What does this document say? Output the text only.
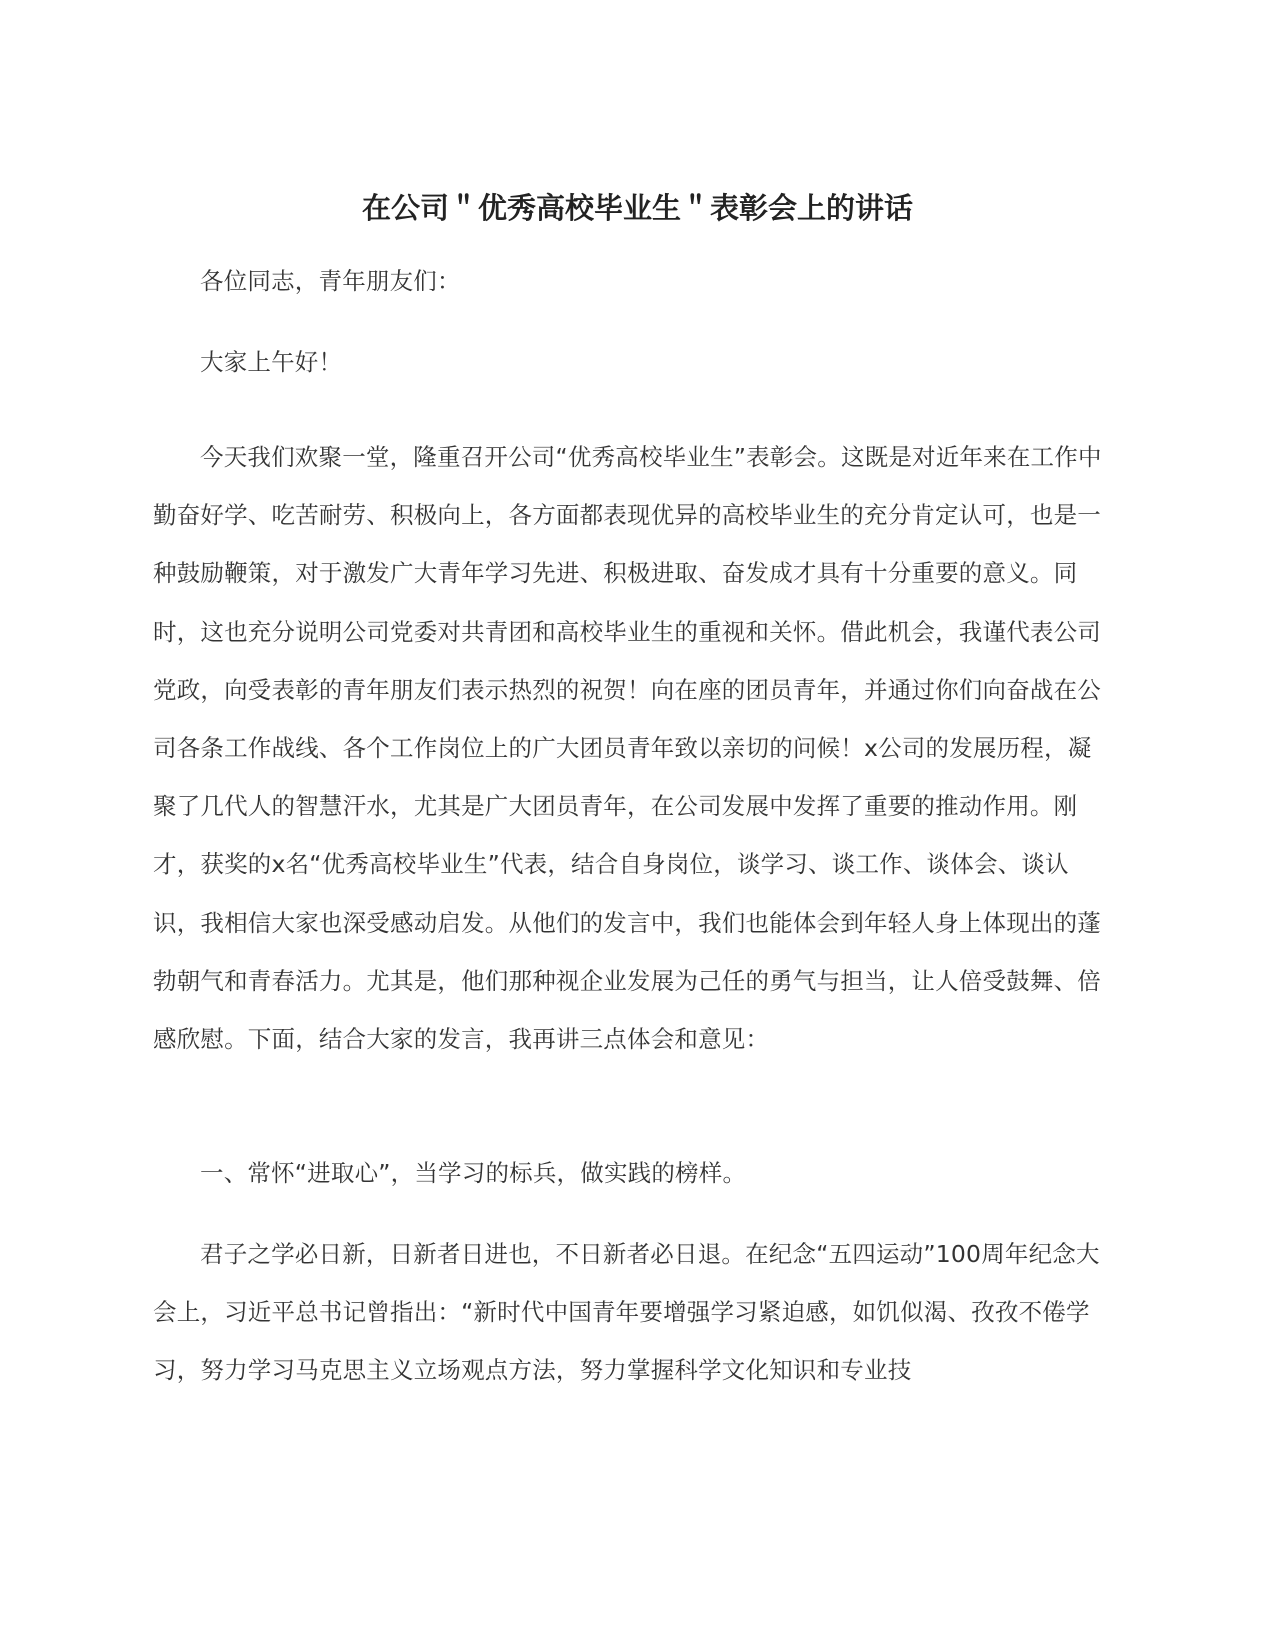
在公司＂优秀高校毕业生＂表彰会上的讲话

各位同志，青年朋友们：

大家上午好！

今天我们欢聚一堂，隆重召开公司“优秀高校毕业生”表彰会。这既是对近年来在工作中勤奋好学、吃苦耐劳、积极向上，各方面都表现优异的高校毕业生的充分肯定认可，也是一种鼓励鞭策，对于激发广大青年学习先进、积极进取、奋发成才具有十分重要的意义。同时，这也充分说明公司党委对共青团和高校毕业生的重视和关怀。借此机会，我谨代表公司党政，向受表彰的青年朋友们表示热烈的祝贺！向在座的团员青年，并通过你们向奋战在公司各条工作战线、各个工作岗位上的广大团员青年致以亲切的问候！x公司的发展历程，凝聚了几代人的智慧汗水，尤其是广大团员青年，在公司发展中发挥了重要的推动作用。刚才，获奖的x名“优秀高校毕业生”代表，结合自身岗位，谈学习、谈工作、谈体会、谈认识，我相信大家也深受感动启发。从他们的发言中，我们也能体会到年轻人身上体现出的蓬勃朝气和青春活力。尤其是，他们那种视企业发展为己任的勇气与担当，让人倍受鼓舞、倍感欣慰。下面，结合大家的发言，我再讲三点体会和意见：

一、常怀“进取心”，当学习的标兵，做实践的榜样。

君子之学必日新，日新者日进也，不日新者必日退。在纪念“五四运动”100周年纪念大会上，习近平总书记曾指出：“新时代中国青年要增强学习紧迫感，如饥似渴、孜孜不倦学习，努力学习马克思主义立场观点方法，努力掌握科学文化知识和专业技
